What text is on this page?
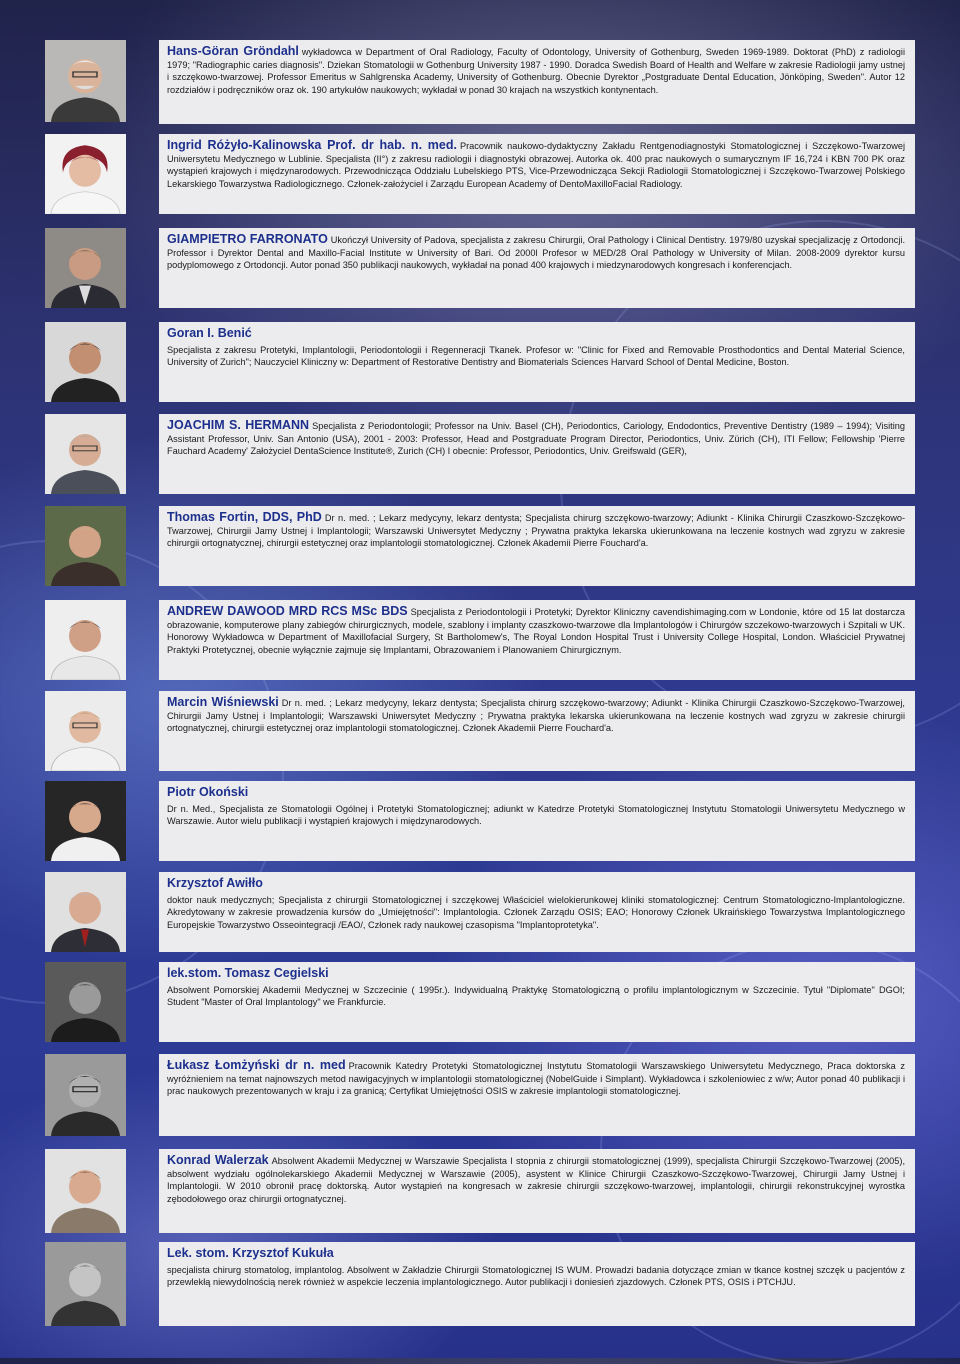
Hans-Göran Gröndahl wykładowca w Department of Oral Radiology, Faculty of Odontology, University of Gothenburg, Sweden 1969-1989. Doktorat (PhD) z radiologii 1979; "Radiographic caries diagnosis". Dziekan Stomatologii w Gothenburg University 1987 - 1990. Doradca Swedish Board of Health and Welfare w zakresie Radiologii jamy ustnej i szczękowo-twarzowej. Professor Emeritus w Sahlgrenska Academy, University of Gothenburg. Obecnie Dyrektor „Postgraduate Dental Education, Jönköping, Sweden". Autor 12 rozdziałów i podręczników oraz ok. 190 artykułów naukowych; wykładał w ponad 30 krajach na wszystkich kontynentach.
Ingrid Różyło-Kalinowska Prof. dr hab. n. med. Pracownik naukowo-dydaktyczny Zakładu Rentgenodiagnostyki Stomatologicznej i Szczękowo-Twarzowej Uniwersytetu Medycznego w Lublinie. Specjalista (II°) z zakresu radiologii i diagnostyki obrazowej. Autorka ok. 400 prac naukowych o sumarycznym IF 16,724 i KBN 700 PK oraz wystąpień krajowych i międzynarodowych. Przewodnicząca Oddziału Lubelskiego PTS, Vice-Przewodnicząca Sekcji Radiologii Stomatologicznej i Szczękowo-Twarzowej Polskiego Lekarskiego Towarzystwa Radiologicznego. Członek-założyciel i Zarządu European Academy of DentoMaxilloFacial Radiology.
GIAMPIETRO FARRONATO Ukończył University of Padova, specjalista z zakresu Chirurgii, Oral Pathology i Clinical Dentistry. 1979/80 uzyskał specjalizację z Ortodoncji. Professor i Dyrektor Dental and Maxillo-Facial Institute w University of Bari. Od 2000l Profesor w MED/28 Oral Pathology w University of Milan. 2008-2009 dyrektor kursu podyplomowego z Ortodoncji. Autor ponad 350 publikacji naukowych, wykładał na ponad 400 krajowych i miedzynarodowych kongresach i konferencjach.
Goran I. Benić
Specjalista z zakresu Protetyki, Implantologii, Periodontologii i Regenneracji Tkanek. Profesor w: "Clinic for Fixed and Removable Prosthodontics and Dental Material Science, University of Zurich"; Nauczyciel Kliniczny w: Department of Restorative Dentistry and Biomaterials Sciences Harvard School of Dental Medicine, Boston.
JOACHIM S. HERMANN Specjalista z Periodontologii; Professor na Univ. Basel (CH), Periodontics, Cariology, Endodontics, Preventive Dentistry (1989 – 1994); Visiting Assistant Professor, Univ. San Antonio (USA), 2001 - 2003: Professor, Head and Postgraduate Program Director, Periodontics, Univ. Zürich (CH), ITI Fellow; Fellowship 'Pierre Fauchard Academy' Założyciel DentaScience Institute®, Zurich (CH) I obecnie: Professor, Periodontics, Univ. Greifswald (GER),
Thomas Fortin, DDS, PhD Dr n. med. ; Lekarz medycyny, lekarz dentysta; Specjalista chirurg szczękowo-twarzowy; Adiunkt - Klinika Chirurgii Czaszkowo-Szczękowo-Twarzowej, Chirurgii Jamy Ustnej i Implantologii; Warszawski Uniwersytet Medyczny ; Prywatna praktyka lekarska ukierunkowana na leczenie kostnych wad zgryzu w zakresie chirurgii ortognatycznej, chirurgii estetycznej oraz implantologii stomatologicznej. Członek Akademii Pierre Fouchard'a.
ANDREW DAWOOD MRD RCS MSc BDS Specjalista z Periodontologii i Protetyki; Dyrektor Kliniczny cavendishimaging.com w Londonie, które od 15 lat dostarcza obrazowanie, komputerowe plany zabiegów chirurgicznych, modele, szablony i implanty czaszkowo-twarzowe dla Implantologów i Chirurgów szczekowo-twarzowych i Szpitali w UK. Honorowy Wykładowca w Department of Maxillofacial Surgery, St Bartholomew's, The Royal London Hospital Trust i University College Hospital, London. Właściciel Prywatnej Praktyki Protetycznej, obecnie wyłącznie zajmuje się Implantami, Obrazowaniem i Planowaniem Chirurgicznym.
Marcin Wiśniewski Dr n. med. ; Lekarz medycyny, lekarz dentysta; Specjalista chirurg szczękowo-twarzowy; Adiunkt - Klinika Chirurgii Czaszkowo-Szczękowo-Twarzowej, Chirurgii Jamy Ustnej i Implantologii; Warszawski Uniwersytet Medyczny ; Prywatna praktyka lekarska ukierunkowana na leczenie kostnych wad zgryzu w zakresie chirurgii ortognatycznej, chirurgii estetycznej oraz implantologii stomatologicznej. Członek Akademii Pierre Fouchard'a.
Piotr Okoński
Dr n. Med., Specjalista ze Stomatologii Ogólnej i Protetyki Stomatologicznej; adiunkt w Katedrze Protetyki Stomatologicznej Instytutu Stomatologii Uniwersytetu Medycznego w Warszawie. Autor wielu publikacji i wystąpień krajowych i międzynarodowych.
Krzysztof Awiłło
doktor nauk medycznych; Specjalista z chirurgii Stomatologicznej i szczękowej Właściciel wielokierunkowej kliniki stomatologicznej: Centrum Stomatologiczno-Implantologiczne. Akredytowany w zakresie prowadzenia kursów do „Umiejętności": Implantologia. Członek Zarządu OSIS; EAO; Honorowy Członek Ukraińskiego Towarzystwa Implantologicznego Europejskie Towarzystwo Osseointegracji /EAO/, Członek rady naukowej czasopisma "Implantoprotetyka".
lek.stom. Tomasz Cegielski
Absolwent Pomorskiej Akademii Medycznej w Szczecinie ( 1995r.). Indywidualną Praktykę Stomatologiczną o profilu implantologicznym w Szczecinie. Tytuł "Diplomate" DGOI; Student "Master of Oral Implantology" we Frankfurcie.
Łukasz Łomżyński dr n. med Pracownik Katedry Protetyki Stomatologicznej Instytutu Stomatologii Warszawskiego Uniwersytetu Medycznego, Praca doktorska z wyróżnieniem na temat najnowszych metod nawigacyjnych w implantologii stomatologicznej (NobelGuide i Simplant). Wykładowca i szkoleniowiec z w/w; Autor ponad 40 publikacji i prac naukowych prezentowanych w kraju i za granicą; Certyfikat Umiejętności OSIS w zakresie implantologii stomatologicznej.
Konrad Walerzak Absolwent Akademii Medycznej w Warszawie Specjalista I stopnia z chirurgii stomatologicznej (1999), specjalista Chirurgii Szczękowo-Twarzowej (2005), absolwent wydziału ogólnolekarskiego Akademii Medycznej w Warszawie (2005), asystent w Klinice Chirurgii Czaszkowo-Szczękowo-Twarzowej, Chirurgii Jamy Ustnej i Implantologii. W 2010 obronił pracę doktorską. Autor wystąpień na kongresach w zakresie chirurgii szczękowo-twarzowej, implantologii, chirurgii rekonstrukcyjnej wyrostka zębodołowego oraz chirurgii ortognatycznej.
Lek. stom. Krzysztof Kukuła
specjalista chirurg stomatolog, implantolog. Absolwent w Zakładzie Chirurgii Stomatologicznej IS WUM. Prowadzi badania dotyczące zmian w tkance kostnej szczęk u pacjentów z przewlekłą niewydolnością nerek również w aspekcie leczenia implantologicznego. Autor publikacji i doniesień zjazdowych. Członek PTS, OSIS i PTCHJU.
